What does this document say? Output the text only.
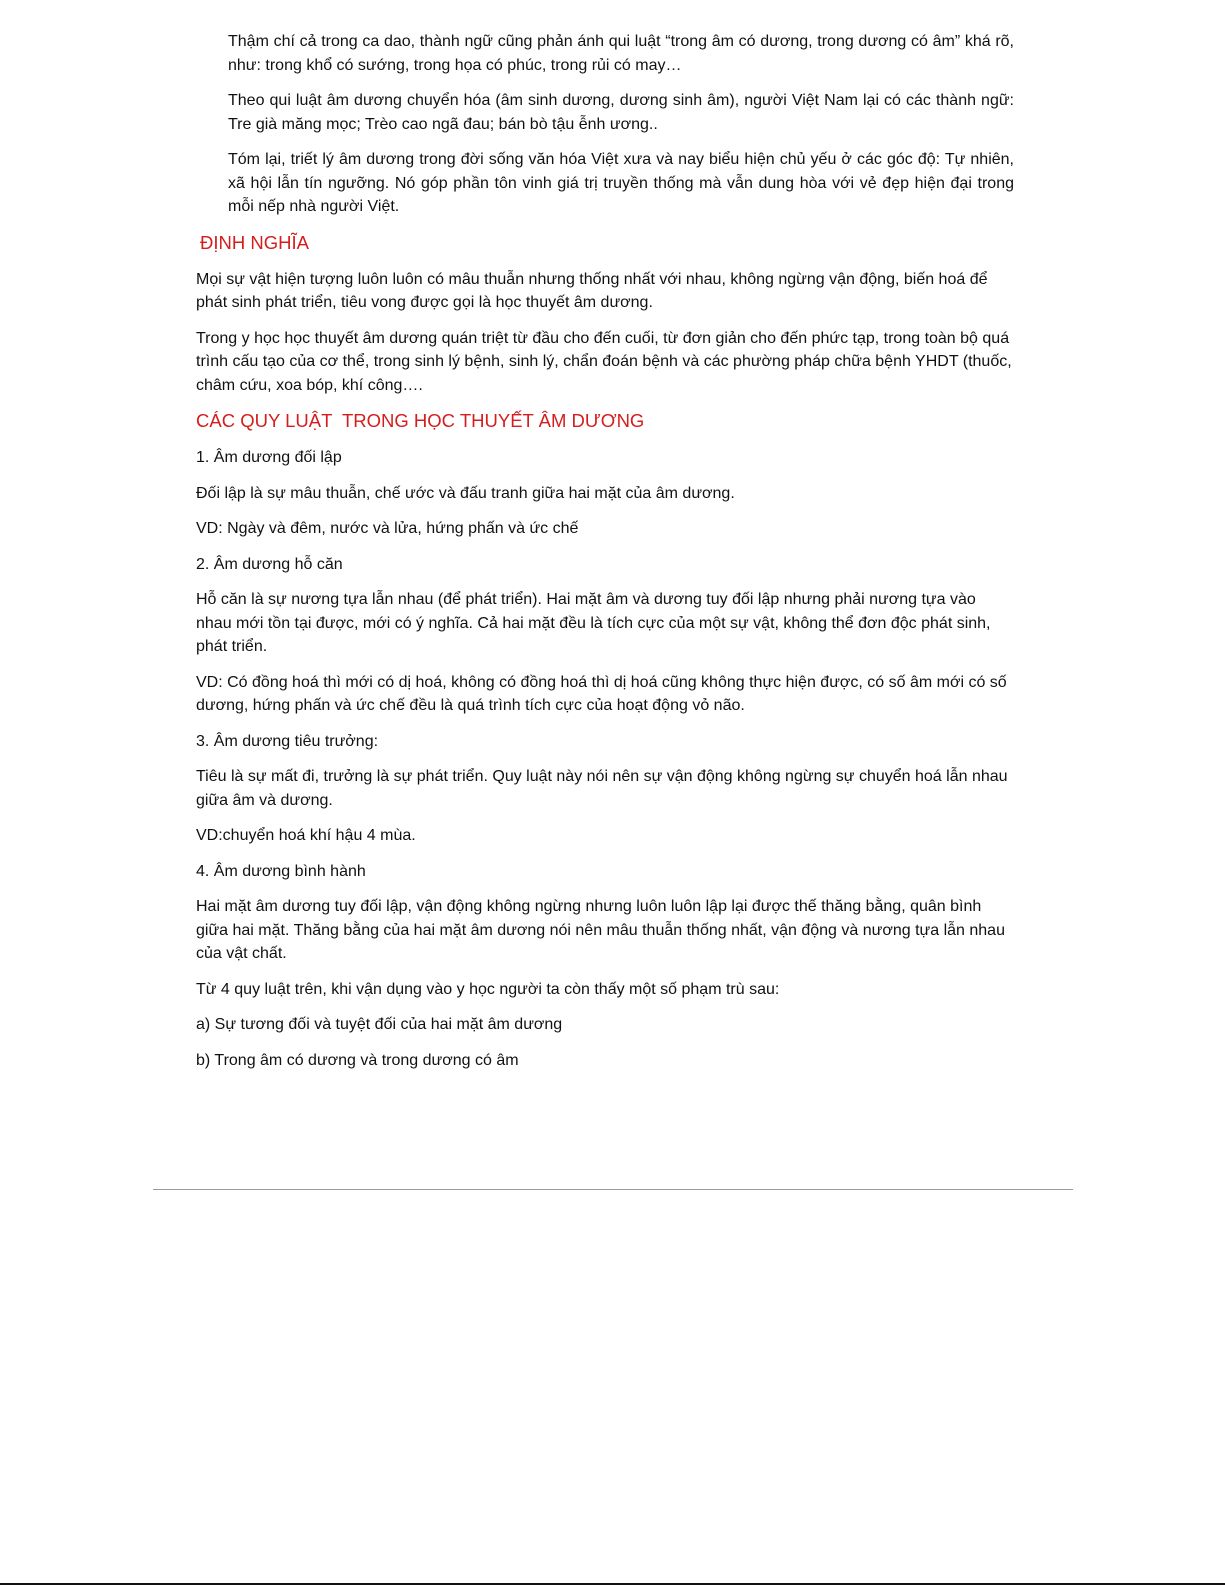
Thậm chí cả trong ca dao, thành ngữ cũng phản ánh qui luật “trong âm có dương, trong dương có âm” khá rõ, như: trong khổ có sướng, trong họa có phúc, trong rủi có may…

Theo qui luật âm dương chuyển hóa (âm sinh dương, dương sinh âm), người Việt Nam lại có các thành ngữ: Tre già măng mọc; Trèo cao ngã đau; bán bò tậu ễnh ương..

Tóm lại, triết lý âm dương trong đời sống văn hóa Việt xưa và nay biểu hiện chủ yếu ở các góc độ: Tự nhiên, xã hội lẫn tín ngưỡng. Nó góp phần tôn vinh giá trị truyền thống mà vẫn dung hòa với vẻ đẹp hiện đại trong mỗi nếp nhà người Việt.

ĐỊNH NGHĨA

Mọi sự vật hiện tượng luôn luôn có mâu thuẫn nhưng thống nhất với nhau, không ngừng vận động, biến hoá để phát sinh phát triển, tiêu vong được gọi là học thuyết âm dương.

Trong y học học thuyết âm dương quán triệt từ đầu cho đến cuối, từ đơn giản cho đến phức tạp, trong toàn bộ quá trình cấu tạo của cơ thể, trong sinh lý bệnh, sinh lý, chẩn đoán bệnh và các phường pháp chữa bệnh YHDT (thuốc, châm cứu, xoa bóp, khí công….

CÁC QUY LUẬT  TRONG HỌC THUYẾT ÂM DƯƠNG

1. Âm dương đối lập

Đối lập là sự mâu thuẫn, chế ước và đấu tranh giữa hai mặt của âm dương.

VD: Ngày và đêm, nước và lửa, hứng phấn và ức chế

2. Âm dương hỗ căn

Hỗ căn là sự nương tựa lẫn nhau (để phát triển). Hai mặt âm và dương tuy đối lập nhưng phải nương tựa vào nhau mới tồn tại được, mới có ý nghĩa. Cả hai mặt đều là tích cực của một sự vật, không thể đơn độc phát sinh, phát triển.

VD: Có đồng hoá thì mới có dị hoá, không có đồng hoá thì dị hoá cũng không thực hiện được, có số âm mới có số dương, hứng phấn và ức chế đều là quá trình tích cực của hoạt động vỏ não.

3. Âm dương tiêu trưởng:

Tiêu là sự mất đi, trưởng là sự phát triển. Quy luật này nói nên sự vận động không ngừng sự chuyển hoá lẫn nhau giữa âm và dương.

VD:chuyển hoá khí hậu 4 mùa.

4. Âm dương bình hành

Hai mặt âm dương tuy đối lập, vận động không ngừng nhưng luôn luôn lập lại được thế thăng bằng, quân bình giữa hai mặt. Thăng bằng của hai mặt âm dương nói nên mâu thuẫn thống nhất, vận động và nương tựa lẫn nhau của vật chất.

Từ 4 quy luật trên, khi vận dụng vào y học người ta còn thấy một số phạm trù sau:

a) Sự tương đối và tuyệt đối của hai mặt âm dương

b) Trong âm có dương và trong dương có âm
